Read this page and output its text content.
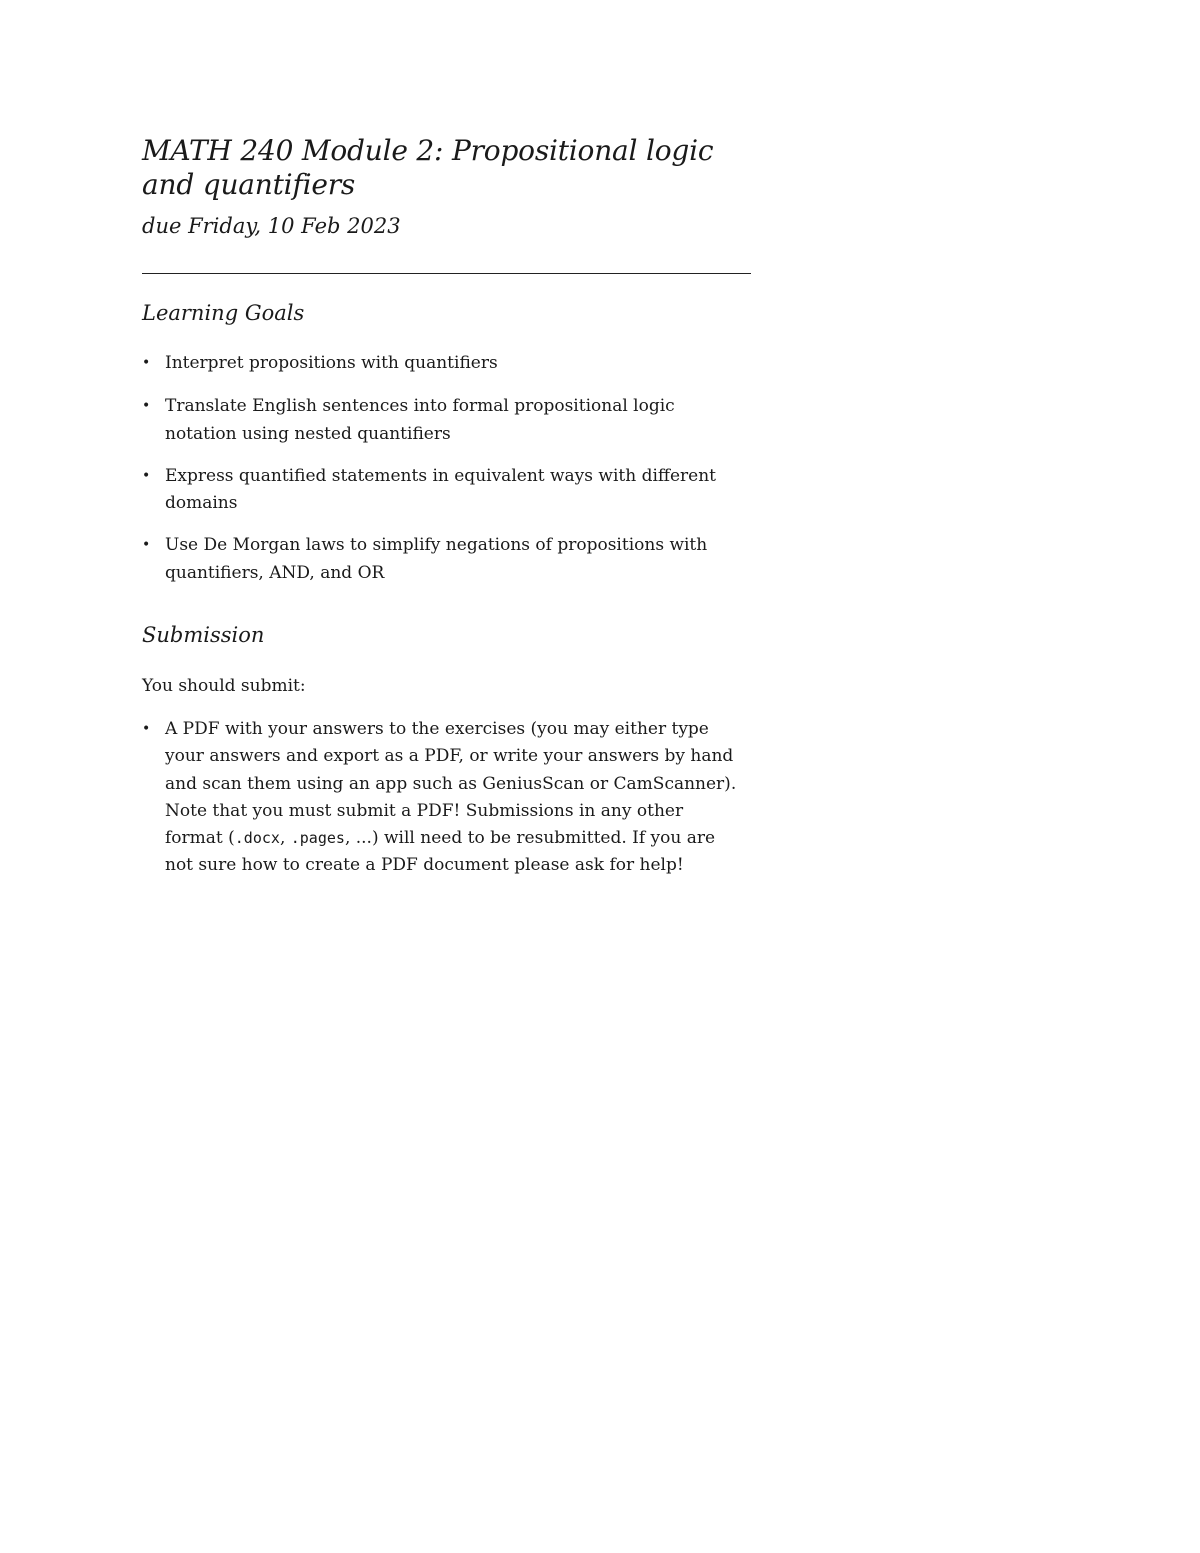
MATH 240 Module 2: Propositional logic and quantifiers

due Friday, 10 Feb 2023

Learning Goals
• Interpret propositions with quantifiers
• Translate English sentences into formal propositional logic notation using nested quantifiers
• Express quantified statements in equivalent ways with different domains
• Use De Morgan laws to simplify negations of propositions with quantifiers, AND, and OR
Submission

You should submit:

• A PDF with your answers to the exercises (you may either type your answers and export as a PDF, or write your answers by hand and scan them using an app such as GeniusScan or CamScanner). Note that you must submit a PDF! Submissions in any other format (.docx, .pages, ...) will need to be resubmitted. If you are not sure how to create a PDF document please ask for help!
